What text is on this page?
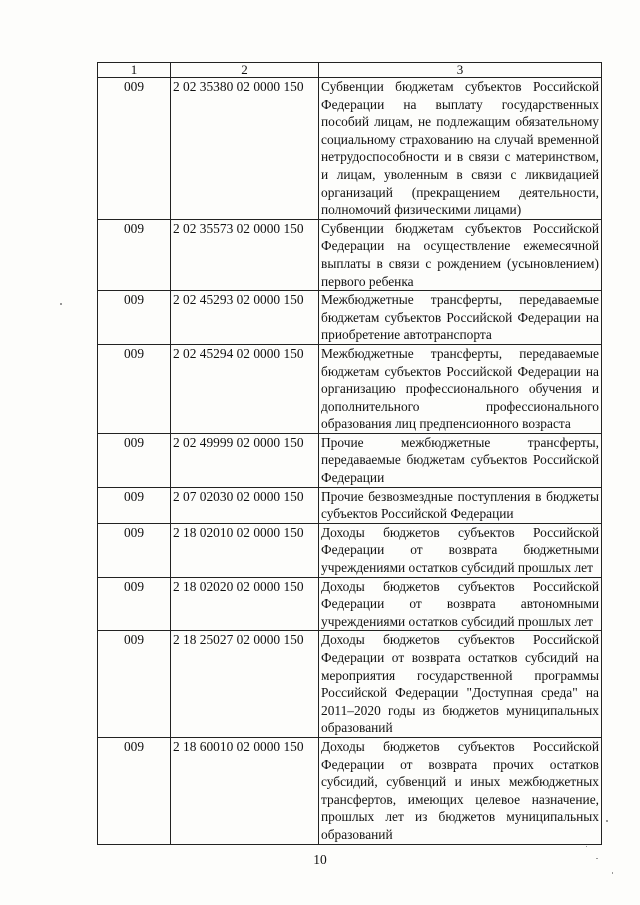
1	2	3
009	2 02 35380 02 0000 150	Субвенции бюджетам субъектов Российской Федерации на выплату государственных пособий лицам, не подлежащим обязательному социальному страхованию на случай временной нетрудоспособности и в связи с материнством, и лицам, уволенным в связи с ликвидацией организаций (прекращением деятельности, полномочий физическими лицами)
009	2 02 35573 02 0000 150	Субвенции бюджетам субъектов Российской Федерации на осуществление ежемесячной выплаты в связи с рождением (усыновлением) первого ребенка
009	2 02 45293 02 0000 150	Межбюджетные трансферты, передаваемые бюджетам субъектов Российской Федерации на приобретение автотранспорта
009	2 02 45294 02 0000 150	Межбюджетные трансферты, передаваемые бюджетам субъектов Российской Федерации на организацию профессионального обучения и дополнительного профессионального образования лиц предпенсионного возраста
009	2 02 49999 02 0000 150	Прочие межбюджетные трансферты, передаваемые бюджетам субъектов Российской Федерации
009	2 07 02030 02 0000 150	Прочие безвозмездные поступления в бюджеты субъектов Российской Федерации
009	2 18 02010 02 0000 150	Доходы бюджетов субъектов Российской Федерации от возврата бюджетными учреждениями остатков субсидий прошлых лет
009	2 18 02020 02 0000 150	Доходы бюджетов субъектов Российской Федерации от возврата автономными учреждениями остатков субсидий прошлых лет
009	2 18 25027 02 0000 150	Доходы бюджетов субъектов Российской Федерации от возврата остатков субсидий на мероприятия государственной программы Российской Федерации "Доступная среда" на 2011–2020 годы из бюджетов муниципальных образований
009	2 18 60010 02 0000 150	Доходы бюджетов субъектов Российской Федерации от возврата прочих остатков субсидий, субвенций и иных межбюджетных трансфертов, имеющих целевое назначение, прошлых лет из бюджетов муниципальных образований
10
